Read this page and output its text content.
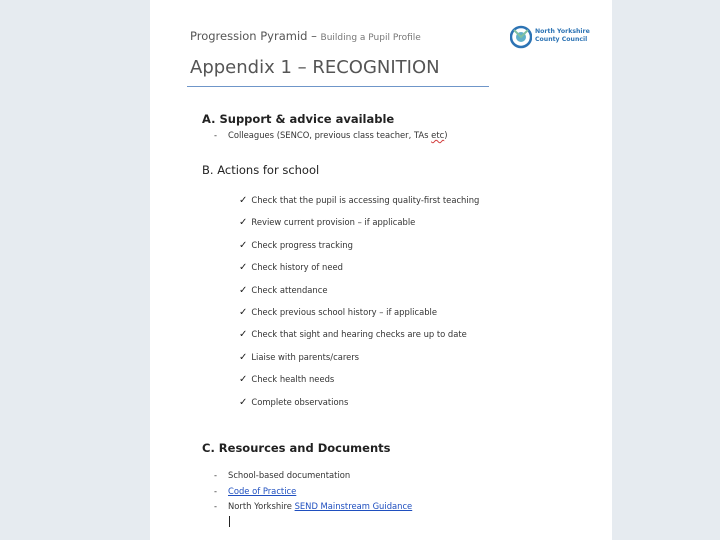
Progression Pyramid – Building a Pupil Profile
North Yorkshire
County Council
Appendix 1 – RECOGNITION
A. Support & advice available
- Colleagues (SENCO, previous class teacher, TAs etc)
B. Actions for school
✓ Check that the pupil is accessing quality-first teaching
✓ Review current provision – if applicable
✓ Check progress tracking
✓ Check history of need
✓ Check attendance
✓ Check previous school history – if applicable
✓ Check that sight and hearing checks are up to date
✓ Liaise with parents/carers
✓ Check health needs
✓ Complete observations
C. Resources and Documents
- School-based documentation
- Code of Practice
- North Yorkshire SEND Mainstream Guidance
